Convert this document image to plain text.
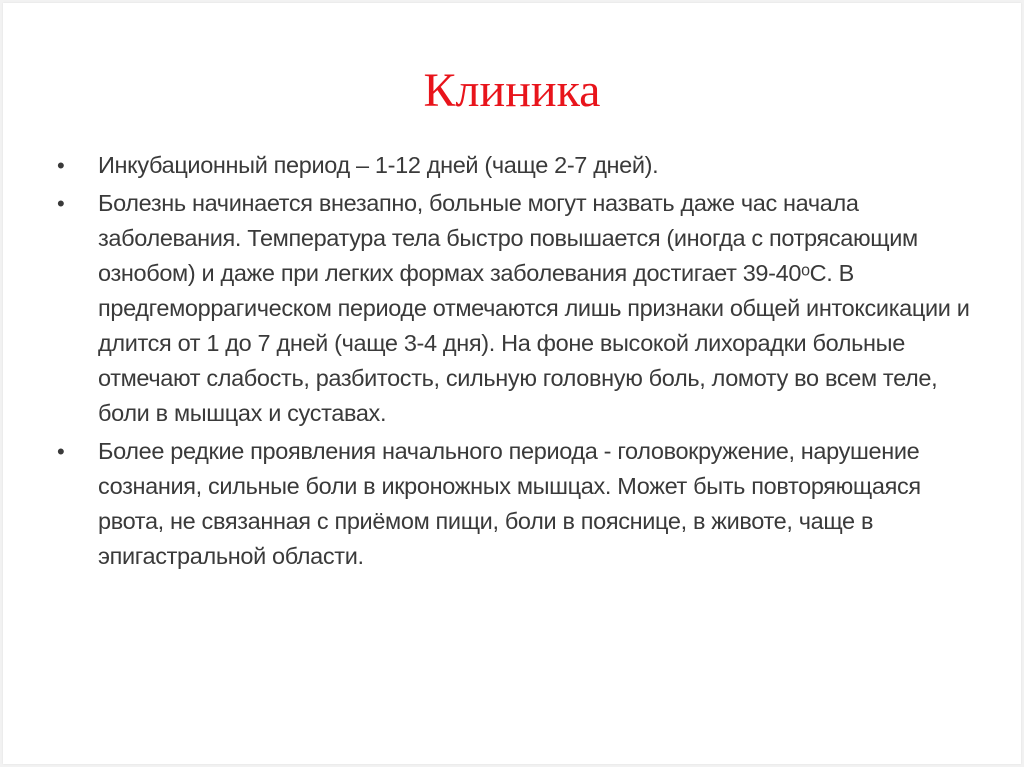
Клиника
• Инкубационный период – 1-12 дней (чаще 2-7 дней).
• Болезнь начинается внезапно, больные могут назвать даже час начала заболевания. Температура тела быстро повышается (иногда с потрясающим ознобом) и даже при легких формах заболевания достигает 39-40ᵒС. В предгеморрагическом периоде отмечаются лишь признаки общей интоксикации и длится от 1 до 7 дней (чаще 3-4 дня). На фоне высокой лихорадки больные отмечают слабость, разбитость, сильную головную боль, ломоту во всем теле, боли в мышцах и суставах.
• Более редкие проявления начального периода - головокружение, нарушение сознания, сильные боли в икроножных мышцах. Может быть повторяющаяся рвота, не связанная с приёмом пищи, боли в пояснице, в животе, чаще в эпигастральной области.
